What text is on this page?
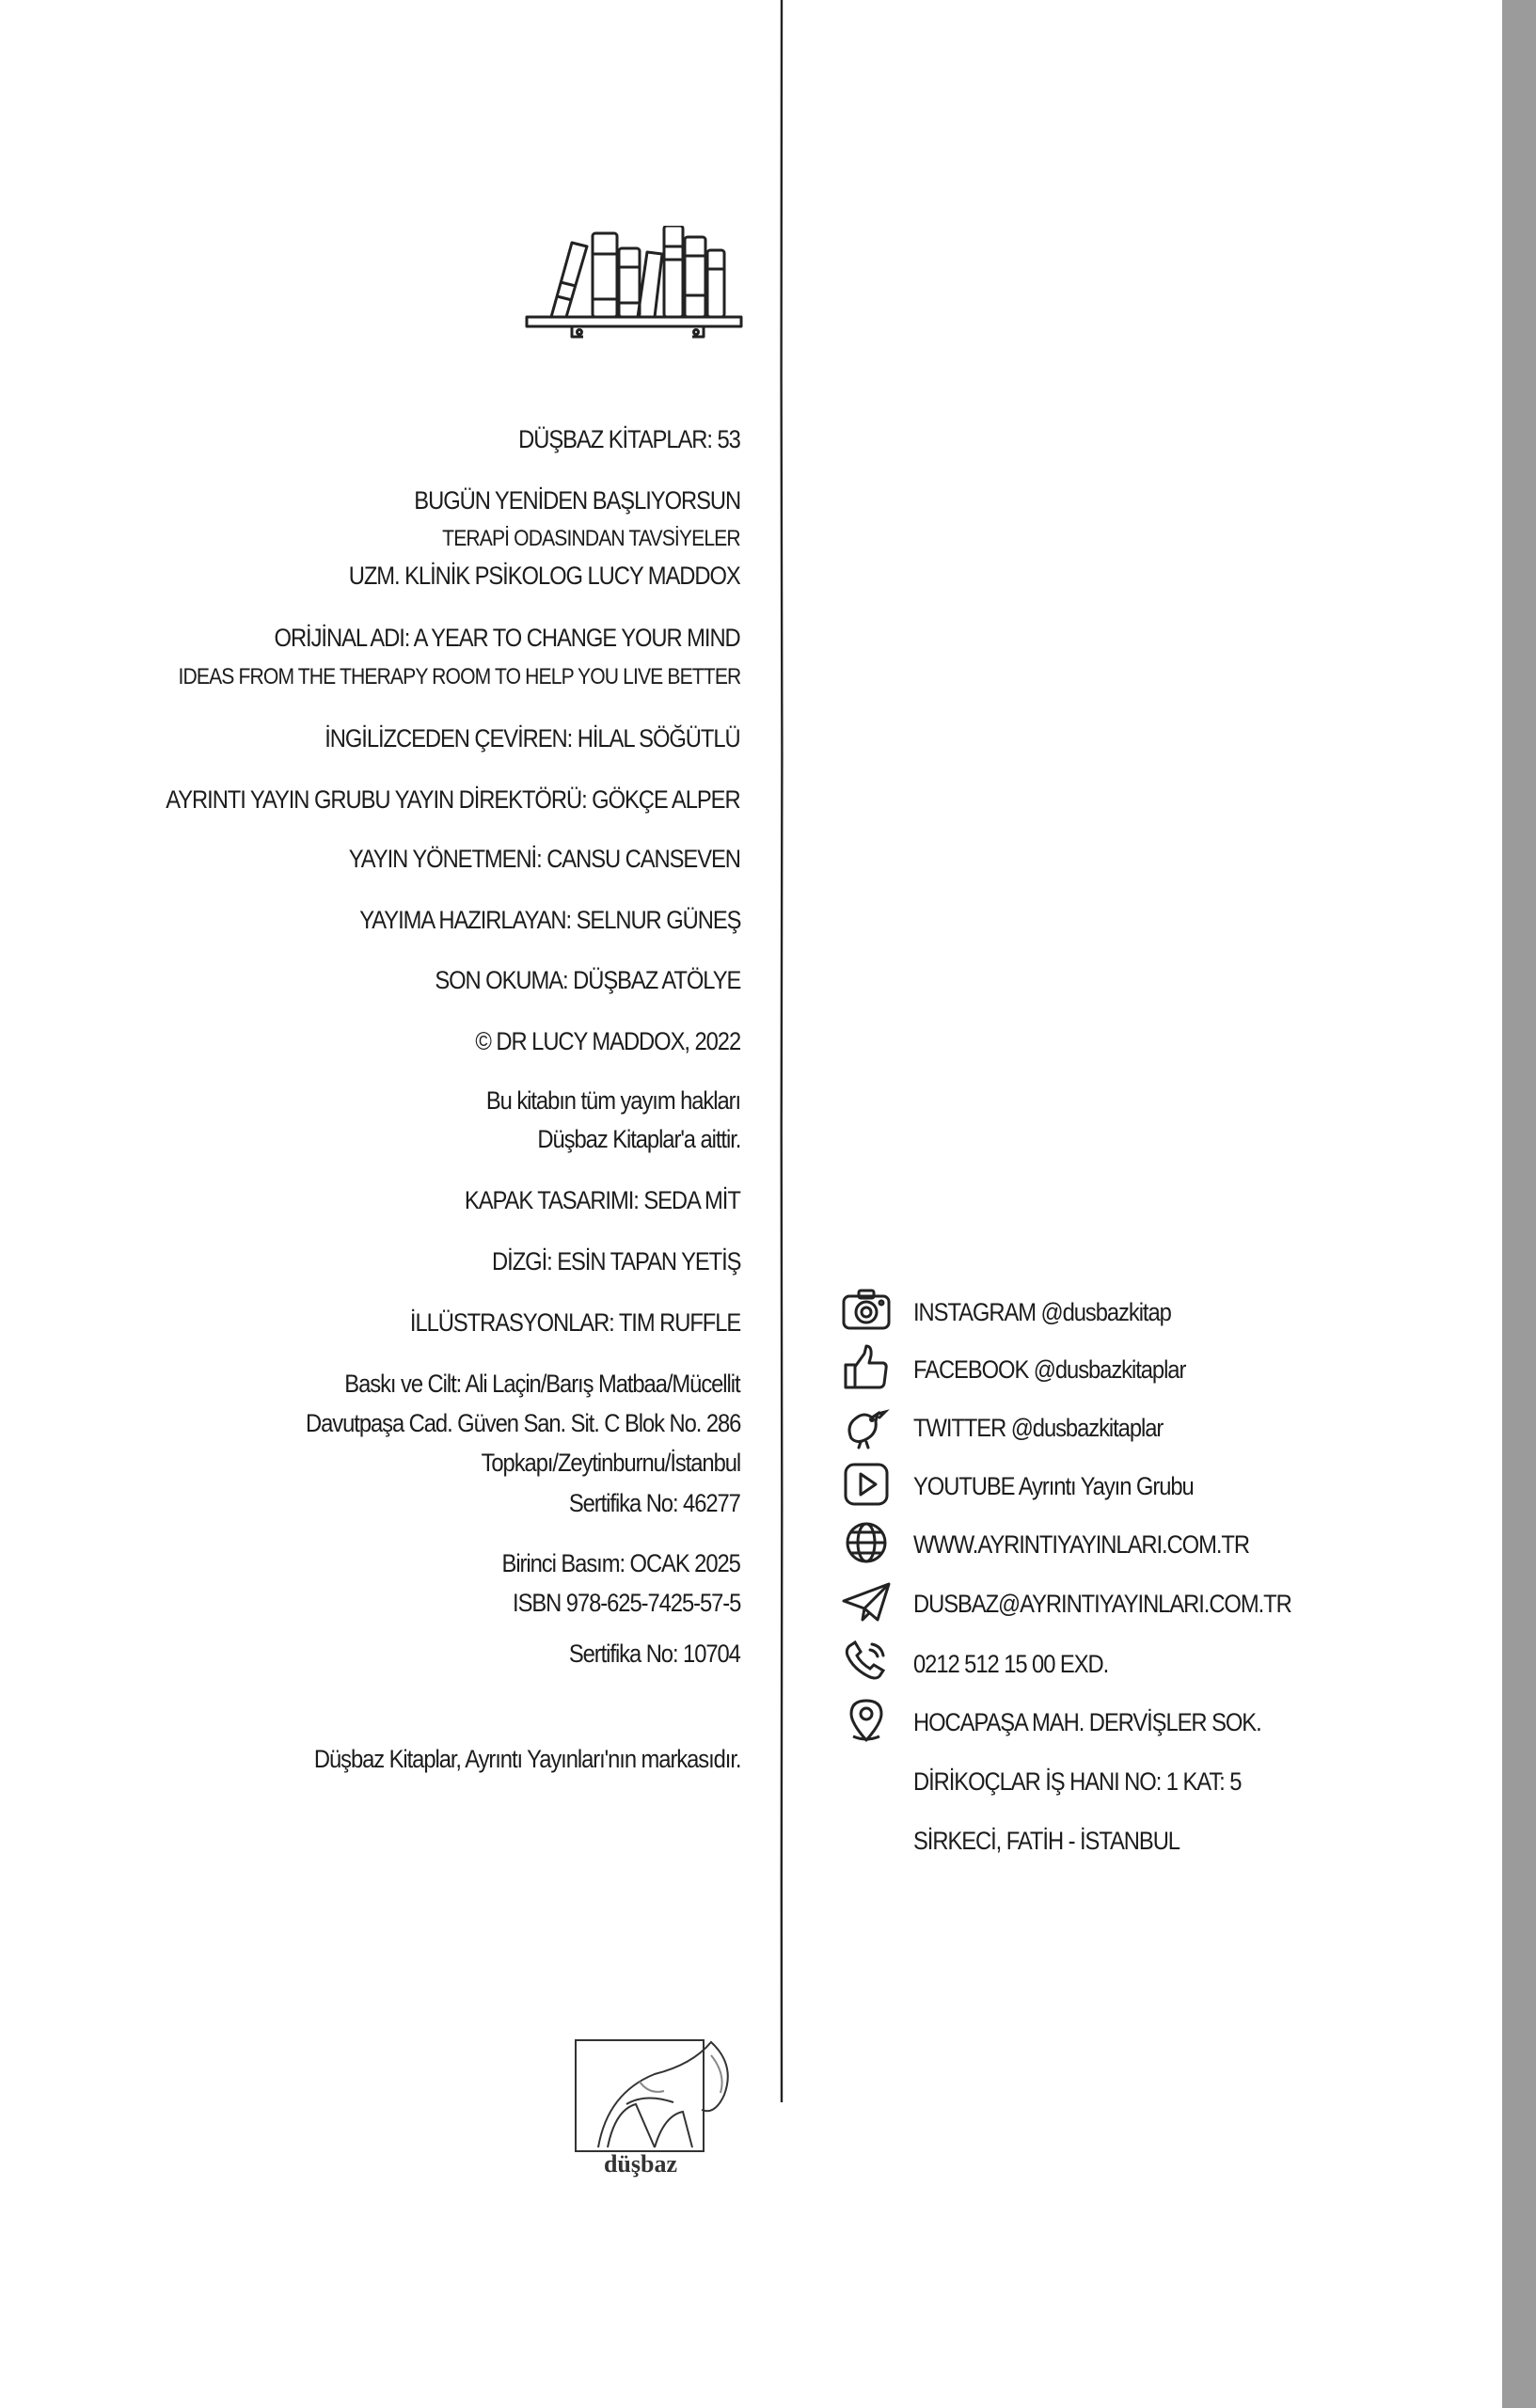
DÜŞBAZ KİTAPLAR: 53
BUGÜN YENİDEN BAŞLIYORSUN
TERAPİ ODASINDAN TAVSİYELER
UZM. KLİNİK PSİKOLOG LUCY MADDOX
ORİJİNAL ADI: A YEAR TO CHANGE YOUR MIND
IDEAS FROM THE THERAPY ROOM TO HELP YOU LIVE BETTER
İNGİLİZCEDEN ÇEVİREN: HİLAL SÖĞÜTLÜ
AYRINTI YAYIN GRUBU YAYIN DİREKTÖRÜ: GÖKÇE ALPER
YAYIN YÖNETMENİ: CANSU CANSEVEN
YAYIMA HAZIRLAYAN: SELNUR GÜNEŞ
SON OKUMA: DÜŞBAZ ATÖLYE
© DR LUCY MADDOX, 2022
Bu kitabın tüm yayım hakları
Düşbaz Kitaplar'a aittir.
KAPAK TASARIMI: SEDA MİT
DİZGİ: ESİN TAPAN YETİŞ
İLLÜSTRASYONLAR: TIM RUFFLE
Baskı ve Cilt: Ali Laçin/Barış Matbaa/Mücellit
Davutpaşa Cad. Güven San. Sit. C Blok No. 286
Topkapı/Zeytinburnu/İstanbul
Sertifika No: 46277
Birinci Basım: OCAK 2025
ISBN 978-625-7425-57-5
Sertifika No: 10704
Düşbaz Kitaplar, Ayrıntı Yayınları'nın markasıdır.
INSTAGRAM @dusbazkitap
FACEBOOK @dusbazkitaplar
TWITTER @dusbazkitaplar
YOUTUBE Ayrıntı Yayın Grubu
WWW.AYRINTIYAYINLARI.COM.TR
DUSBAZ@AYRINTIYAYINLARI.COM.TR
0212 512 15 00 EXD.
HOCAPAŞA MAH. DERVİŞLER SOK.
DİRİKOÇLAR İŞ HANI NO: 1 KAT: 5
SİRKECİ, FATİH - İSTANBUL
düşbaz
